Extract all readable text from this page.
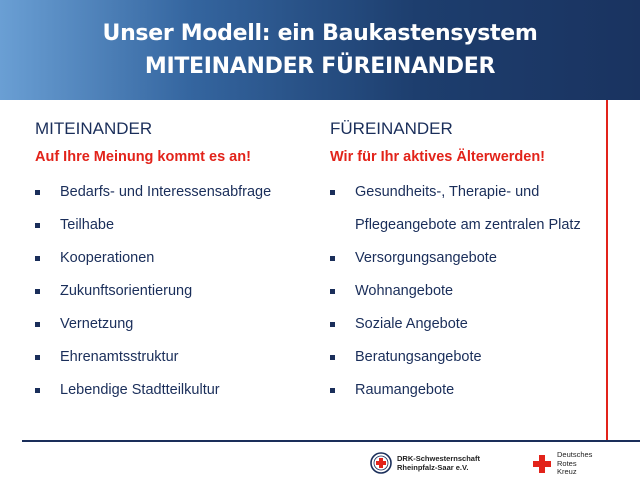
Unser Modell: ein Baukastensystem
MITEINANDER FÜREINANDER
MITEINANDER
Auf Ihre Meinung kommt es an!
Bedarfs- und Interessensabfrage
Teilhabe
Kooperationen
Zukunftsorientierung
Vernetzung
Ehrenamtsstruktur
Lebendige Stadtteilkultur
FÜREINANDER
Wir für Ihr aktives Älterwerden!
Gesundheits-, Therapie- und Pflegeangebote am zentralen Platz
Versorgungsangebote
Wohnangebote
Soziale Angebote
Beratungsangebote
Raumangebote
DRK-Schwesternschaft
Rheinpfalz-Saar e.V.
Deutsches
Rotes
Kreuz
